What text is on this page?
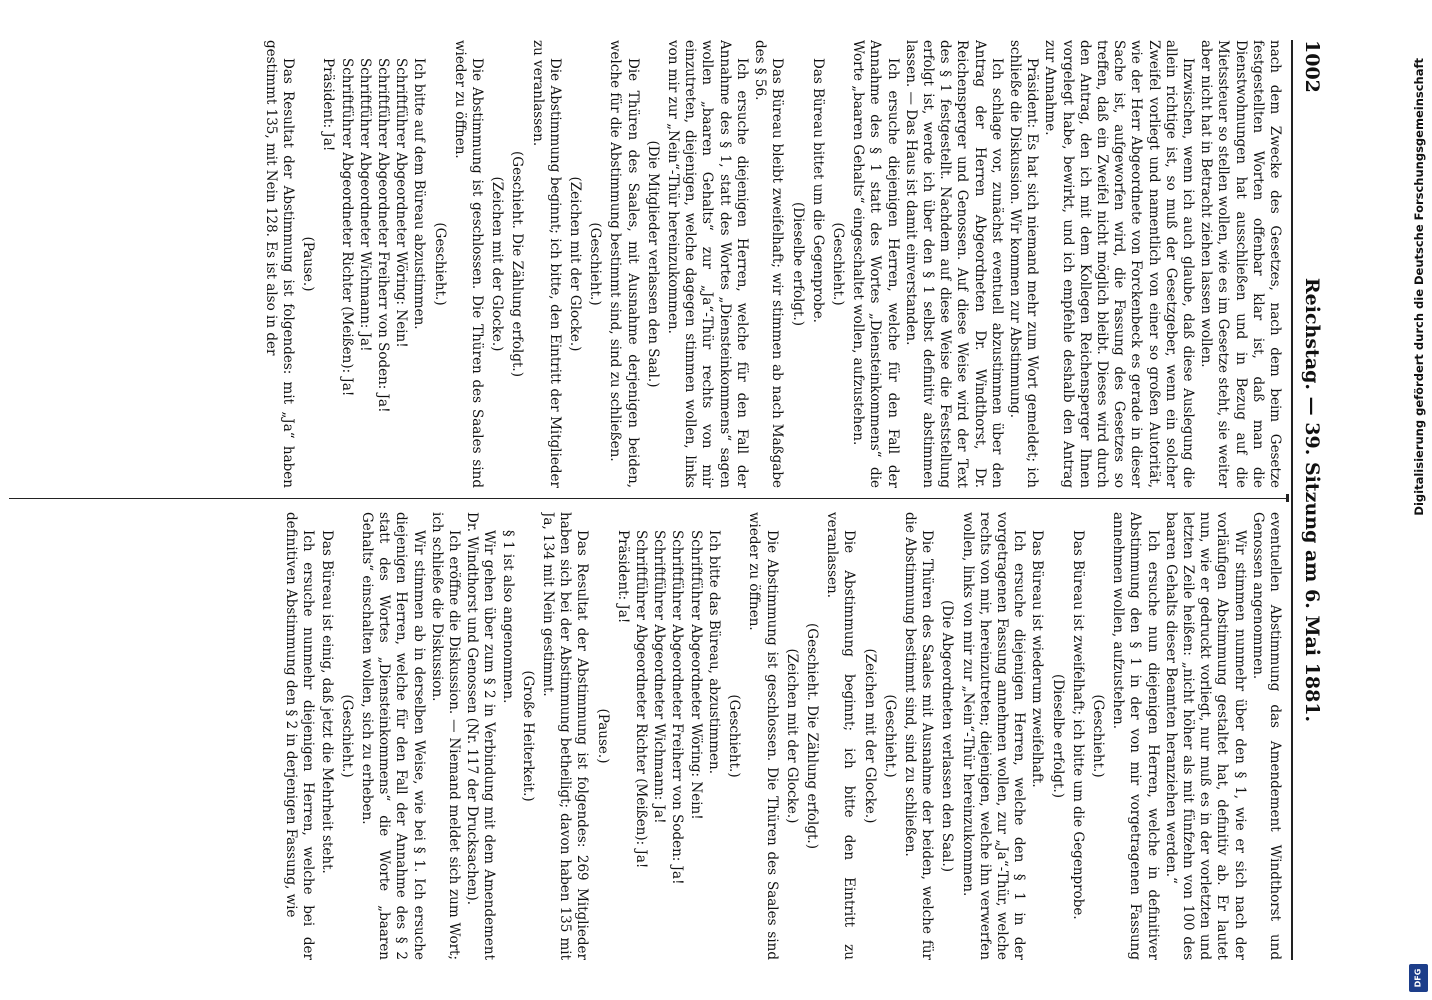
1002
Reichstag. — 39. Sitzung am 6. Mai 1881.

nach dem Zwecke des Gesetzes, nach dem beim Gesetze festgestellten Worten offenbar klar ist, daß man die Dienstwohnungen hat ausschließen und in Bezug auf die Mietssteuer so stellen wollen, wie es im Gesetze steht, sie weiter aber nicht hat in Betracht ziehen lassen wollen.

Inzwischen, wenn ich auch glaube, daß diese Auslegung die allein richtige ist, so muß der Gesetzgeber, wenn ein solcher Zweifel vorliegt und namentlich von einer so großen Autorität, wie der Herr Abgeordnete von Forckenbeck es gerade in dieser Sache ist, aufgeworfen wird, die Fassung des Gesetzes so treffen, daß ein Zweifel nicht möglich bleibt. Dieses wird durch den Antrag, den ich mit dem Kollegen Reichensperger Ihnen vorgelegt habe, bewirkt, und ich empfehle deshalb den Antrag zur Annahme.

Präsident: Es hat sich niemand mehr zum Wort gemeldet; ich schließe die Diskussion. Wir kommen zur Abstimmung.

Ich schlage vor, zunächst eventuell abzustimmen über den Antrag der Herren Abgeordneten Dr. Windthorst, Dr. Reichensperger und Genossen. Auf diese Weise wird der Text des § 1 festgestellt. Nachdem auf diese Weise die Feststellung erfolgt ist, werde ich über den § 1 selbst definitiv abstimmen lassen. — Das Haus ist damit einverstanden.

Ich ersuche diejenigen Herren, welche für den Fall der Annahme des § 1 statt des Wortes „Diensteinkommens“ die Worte „baaren Gehalts“ eingeschaltet wollen, aufzustehen.

(Geschieht.)

Das Büreau bittet um die Gegenprobe.

(Dieselbe erfolgt.)

Das Büreau bleibt zweifelhaft; wir stimmen ab nach Maßgabe des § 56.

Ich ersuche diejenigen Herren, welche für den Fall der Annahme des § 1, statt des Wortes „Diensteinkommens“ sagen wollen „baaren Gehalts“ zur „Ja“-Thür rechts von mir einzutreten, diejenigen, welche dagegen stimmen wollen, links von mir zur „Nein“-Thür hereinzukommen.

(Die Mitglieder verlassen den Saal.)

Die Thüren des Saales, mit Ausnahme derjenigen beiden, welche für die Abstimmung bestimmt sind, sind zu schließen.

(Geschieht.)

(Zeichen mit der Glocke.)

Die Abstimmung beginnt; ich bitte, den Eintritt der Mitglieder zu veranlassen.

(Geschieht. Die Zählung erfolgt.)

(Zeichen mit der Glocke.)

Die Abstimmung ist geschlossen. Die Thüren des Saales sind wieder zu öffnen.

(Geschieht.)

Ich bitte auf dem Büreau abzustimmen.

Schriftführer Abgeordneter Wöring: Nein!

Schriftführer Abgeordneter Freiherr von Soden: Ja!

Schriftführer Abgeordneter Wichmann: Ja!

Schriftführer Abgeordneter Richter (Meißen): Ja!

Präsident: Ja!

(Pause.)

Das Resultat der Abstimmung ist folgendes: mit „Ja“ haben gestimmt 135, mit Nein 128. Es ist also in der

eventuellen Abstimmung das Amendement Windthorst und Genossen angenommen.

Wir stimmen nunmehr über den § 1, wie er sich nach der vorläufigen Abstimmung gestaltet hat, definitiv ab. Er lautet nun, wie er gedruckt vorliegt, nur muß es in der vorletzten und letzten Zeile heißen: „nicht höher als mit fünfzehn von 100 des baaren Gehalts dieser Beamten heranziehen werden.“

Ich ersuche nun diejenigen Herren, welche in definitiver Abstimmung den § 1 in der von mir vorgetragenen Fassung annehmen wollen, aufzustehen.

(Geschieht.)

Das Büreau ist zweifelhaft; ich bitte um die Gegenprobe.

(Dieselbe erfolgt.)

Das Büreau ist wiederum zweifelhaft.

Ich ersuche diejenigen Herren, welche den § 1 in der vorgetragenen Fassung annehmen wollen, zur „Ja“-Thür, welche rechts von mir, hereinzutreten; diejenigen, welche ihn verwerfen wollen, links von mir zur „Nein“-Thür hereinzukommen.

(Die Abgeordneten verlassen den Saal.)

Die Thüren des Saales mit Ausnahme der beiden, welche für die Abstimmung bestimmt sind, sind zu schließen.

(Geschieht.)

(Zeichen mit der Glocke.)

Die Abstimmung beginnt; ich bitte den Eintritt zu veranlassen.

(Geschieht. Die Zählung erfolgt.)

(Zeichen mit der Glocke.)

Die Abstimmung ist geschlossen. Die Thüren des Saales sind wieder zu öffnen.

(Geschieht.)

Ich bitte das Büreau, abzustimmen.

Schriftführer Abgeordneter Wöring: Nein!

Schriftführer Abgeordneter Freiherr von Soden: Ja!

Schriftführer Abgeordneter Wichmann: Ja!

Schriftführer Abgeordneter Richter (Meißen): Ja!

Präsident: Ja!

(Pause.)

Das Resultat der Abstimmung ist folgendes: 269 Mitglieder haben sich bei der Abstimmung betheiligt; davon haben 135 mit Ja, 134 mit Nein gestimmt.

(Große Heiterkeit.)

§ 1 ist also angenommen.

Wir gehen über zum § 2 in Verbindung mit dem Amendement Dr. Windthorst und Genossen (Nr. 117 der Drucksachen).

Ich eröffne die Diskussion. — Niemand meldet sich zum Wort; ich schließe die Diskussion.

Wir stimmen ab in derselben Weise, wie bei § 1. Ich ersuche diejenigen Herren, welche für den Fall der Annahme des § 2 statt des Wortes „Diensteinkommens“ die Worte „baaren Gehalts“ einschalten wollen, sich zu erheben.

(Geschieht.)

Das Büreau ist einig, daß jetzt die Mehrheit steht.

Ich ersuche nunmehr diejenigen Herren, welche bei der definitiven Abstimmung den § 2 in derjenigen Fassung, wie

Digitalisierung gefördert durch die Deutsche Forschungsgemeinschaft
DFG
